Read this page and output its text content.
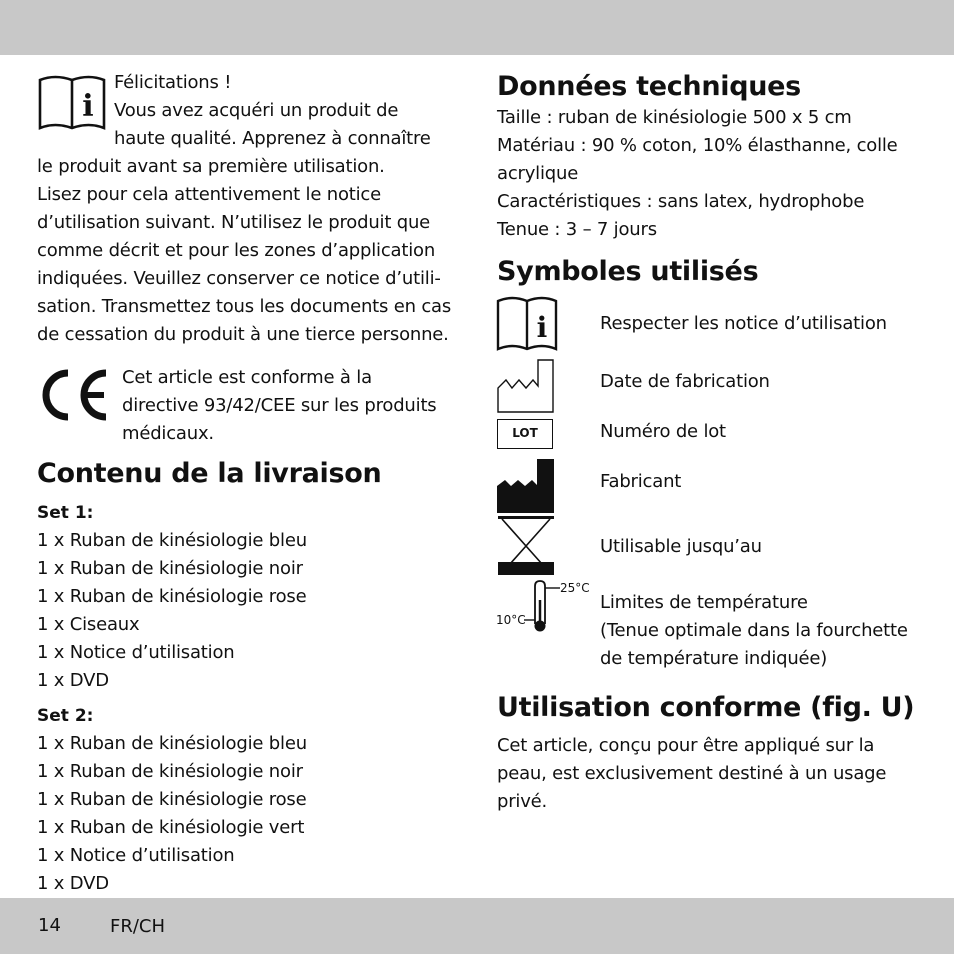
i
Félicitations !
Vous avez acquéri un produit de
haute qualité. Apprenez à connaître
le produit avant sa première utilisation.
Lisez pour cela attentivement le notice
d’utilisation suivant. N’utilisez le produit que
comme décrit et pour les zones d’application
indiquées. Veuillez conserver ce notice d’utili-
sation. Transmettez tous les documents en cas
de cessation du produit à une tierce personne.
Cet article est conforme à la
directive 93/42/CEE sur les produits
médicaux.
Contenu de la livraison
Set 1:
1 x Ruban de kinésiologie bleu
1 x Ruban de kinésiologie noir
1 x Ruban de kinésiologie rose
1 x Ciseaux
1 x Notice d’utilisation
1 x DVD
Set 2:
1 x Ruban de kinésiologie bleu
1 x Ruban de kinésiologie noir
1 x Ruban de kinésiologie rose
1 x Ruban de kinésiologie vert
1 x Notice d’utilisation
1 x DVD
Données techniques
Taille : ruban de kinésiologie 500 x 5 cm
Matériau : 90 % coton, 10% élasthanne, colle
acrylique
Caractéristiques : sans latex, hydrophobe
Tenue : 3 – 7 jours
Symboles utilisés
i	Respecter les notice d’utilisation
Date de fabrication
LOT	Numéro de lot
Fabricant
Utilisable jusqu’au
25°C
10°C
Limites de température
(Tenue optimale dans la fourchette
de température indiquée)
Utilisation conforme (fig. U)
Cet article, conçu pour être appliqué sur la
peau, est exclusivement destiné à un usage
privé.
14	FR/CH
